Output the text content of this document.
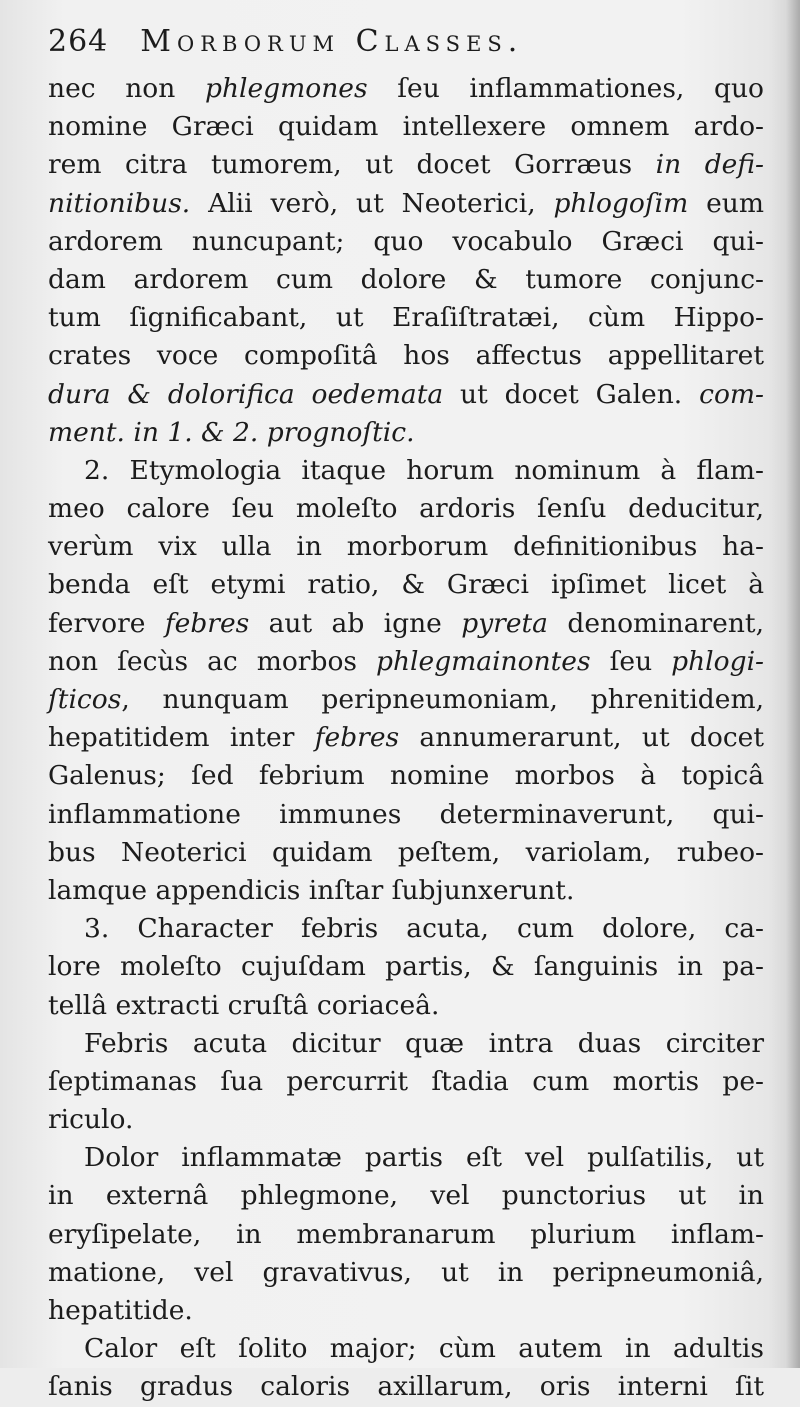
264 Morborum Classes.
nec non phlegmones ſeu inflammationes, quo
nomine Græci quidam intellexere omnem ardo-
rem citra tumorem, ut docet Gorræus in defi-
nitionibus. Alii verò, ut Neoterici, phlogoſim eum
ardorem nuncupant; quo vocabulo Græci qui-
dam ardorem cum dolore & tumore conjunc-
tum ſignificabant, ut Eraſiſtratæi, cùm Hippo-
crates voce compoſitâ hos affectus appellitaret
dura & dolorifica oedemata ut docet Galen. com-
ment. in 1. & 2. prognoſtic.
2. Etymologia itaque horum nominum à flam-
meo calore ſeu moleſto ardoris ſenſu deducitur,
verùm vix ulla in morborum definitionibus ha-
benda eſt etymi ratio, & Græci ipſimet licet à
fervore febres aut ab igne pyreta denominarent,
non ſecùs ac morbos phlegmainontes ſeu phlogi-
ſticos, nunquam peripneumoniam, phrenitidem,
hepatitidem inter febres annumerarunt, ut docet
Galenus; ſed febrium nomine morbos à topicâ
inflammatione immunes determinaverunt, qui-
bus Neoterici quidam peſtem, variolam, rubeo-
lamque appendicis inſtar ſubjunxerunt.
3. Character febris acuta, cum dolore, ca-
lore moleſto cujuſdam partis, & ſanguinis in pa-
tellâ extracti cruſtâ coriaceâ.
Febris acuta dicitur quæ intra duas circiter
ſeptimanas ſua percurrit ſtadia cum mortis pe-
riculo.
Dolor inflammatæ partis eſt vel pulſatilis, ut
in externâ phlegmone, vel punctorius ut in
eryſipelate, in membranarum plurium inflam-
matione, vel gravativus, ut in peripneumoniâ,
hepatitide.
Calor eſt ſolito major; cùm autem in adultis
ſanis gradus caloris axillarum, oris interni ſit
